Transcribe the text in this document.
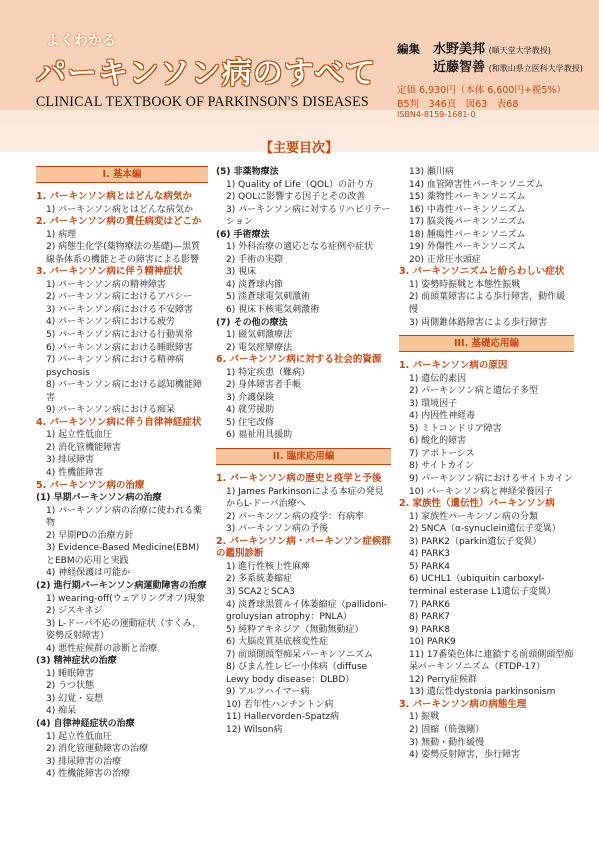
よくわかる
パーキンソン病のすべて
CLINICAL TEXTBOOK OF PARKINSON'S DISEASES
編集 水野美邦 (順天堂大学教授)
近藤智善 (和歌山県立医科大学教授)
定価 6,930円（本体 6,600円+税5%）
B5判　346頁　図63　表68
ISBN4-8159-1681-0
【主要目次】
I. 基本編
1. パーキンソン病とはどんな病気か
1) パーキンソン病とはどんな病気か
2. パーキンソン病の責任病変はどこか
1) 病理
2) 病態生化学(薬物療法の基礎)—黒質線条体系の機能とその障害による影響
3. パーキンソン病に伴う精神症状
1) パーキンソン病の精神障害
2) パーキンソン病におけるアパシー
3) パーキンソン病における不安障害
4) パーキンソン病における疲労
5) パーキンソン病における行動異常
6) パーキンソン病における睡眠障害
7) パーキンソン病における精神病psychosis
8) パーキンソン病における認知機能障害
9) パーキンソン病における痴呆
4. パーキンソン病に伴う自律神経症状
1) 起立性低血圧
2) 消化管機能障害
3) 排尿障害
4) 性機能障害
5. パーキンソン病の治療
(1) 早期パーキンソン病の治療
1) パーキンソン病の治療に使われる薬物
2) 早期PDの治療方針
3) Evidence-Based Medicine(EBM)とEBMの応用と実践
4) 神経保護は可能か
(2) 進行期パーキンソン病運動障害の治療
1) wearing-off(ウェアリングオフ)現象
2) ジスキネジ
3) L-ドーパ不応の運動症状（すくみ，姿勢反射障害）
4) 悪性症候群の診断と治療
(3) 精神症状の治療
1) 睡眠障害
2) うつ状態
3) 幻覚・妄想
4) 痴呆
(4) 自律神経症状の治療
1) 起立性低血圧
2) 消化管運動障害の治療
3) 排尿障害の治療
4) 性機能障害の治療
(5) 非薬物療法
1) Quality of Life（QOL）の計り方
2) QOLに影響する因子とその改善
3) パーキンソン病に対するリハビリテーション
(6) 手術療法
1) 外科治療の適応となる症例や症状
2) 手術の実際
3) 視床
4) 淡蒼球内節
5) 淡蒼球電気刺激術
6) 視床下核電気刺激術
(7) その他の療法
1) 磁気刺激療法
2) 電気痙攣療法
6. パーキンソン病に対する社会的資源
1) 特定疾患（難病）
2) 身体障害者手帳
3) 介護保険
4) 就労援助
5) 住宅改修
6) 福祉用具援助
II. 臨床応用編
1. パーキンソン病の歴史と疫学と予後
1) James Parkinsonによる本症の発見からL-ドーパ治療へ
2) パーキンソン病の疫学：有病率
3) パーキンソン病の予後
2. パーキンソン病・パーキンソン症候群の鑑別診断
1) 進行性核上性麻痺
2) 多系統萎縮症
3) SCA2とSCA3
4) 淡蒼球黒質ルイ体萎縮症（pallidoni-groluysian atrophy：PNLA）
5) 純粋アキネジア（無動無動症）
6) 大脳皮質基底核変性症
7) 前頭側頭型痴呆パーキンソニズム
8) びまん性レビー小体病（diffuse Lewy body disease：DLBD）
9) アルツハイマー病
10) 若年性ハンチントン病
11) Hallervorden-Spatz病
12) Wilson病
13) 瀬川病
14) 血管障害性パーキンソニズム
15) 薬物性パーキンソニズム
16) 中毒性パーキンソニズム
17) 脳炎後パーキンソニズム
18) 腫瘍性パーキンソニズム
19) 外傷性パーキンソニズム
20) 正常圧水頭症
3. パーキンソニズムと紛らわしい症状
1) 姿勢時振戦と本態性振戦
2) 前頭葉障害による歩行障害，動作緩慢
3) 両側錐体路障害による歩行障害
III. 基礎応用編
1. パーキンソン病の原因
1) 遺伝的素因
2) パーキンソン病と遺伝子多型
3) 環境因子
4) 内因性神経毒
5) ミトコンドリア障害
6) 酸化的障害
7) アポトーシス
8) サイトカイン
9) パーキンソン病におけるサイトカイン
10) パーキンソン病と神経栄養因子
2. 家族性（遺伝性）パーキンソン病
1) 家族性パーキンソン病の分類
2) SNCA（α-synuclein遺伝子変異）
3) PARK2（parkin遺伝子変異）
4) PARK3
5) PARK4
6) UCHL1（ubiquitin carboxyl-terminal esterase L1遺伝子変異）
7) PARK6
8) PARK7
9) PARK8
10) PARK9
11) 17番染色体に連鎖する前頭側頭型痴呆パーキンソニズム（FTDP-17）
12) Perry症候群
13) 遺伝性dystonia parkinsonism
3. パーキンソン病の病態生理
1) 振戦
2) 固縮（筋強剛）
3) 無動・動作緩慢
4) 姿勢反射障害，歩行障害
